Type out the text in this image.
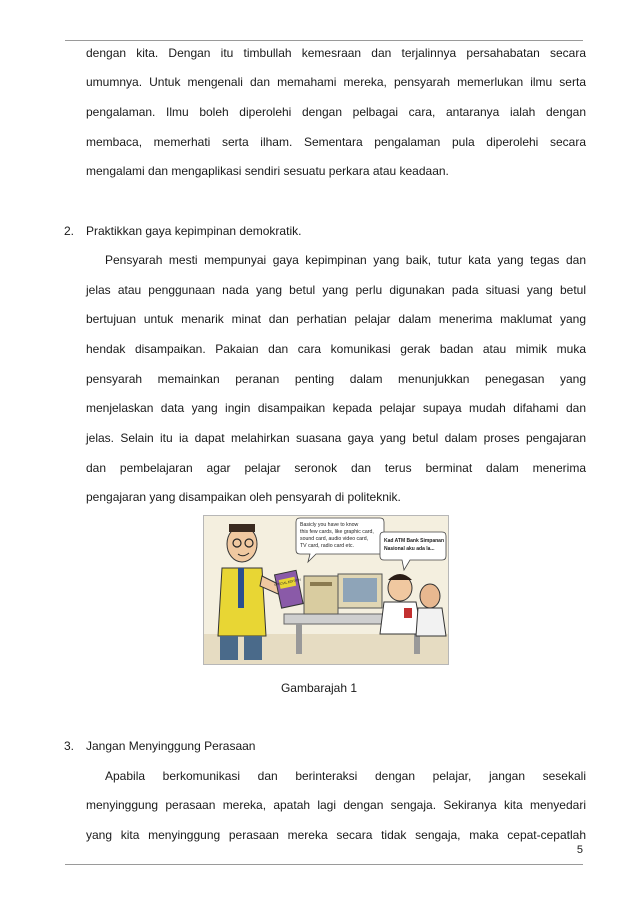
dengan kita. Dengan itu timbullah kemesraan dan terjalinnya persahabatan secara
umumnya. Untuk mengenali dan memahami mereka, pensyarah memerlukan ilmu serta
pengalaman. Ilmu boleh diperolehi dengan pelbagai cara, antaranya ialah dengan
membaca, memerhati serta ilham. Sementara pengalaman pula diperolehi secara
mengalami dan mengaplikasi sendiri sesuatu perkara atau keadaan.
2. Praktikkan gaya kepimpinan demokratik.
Pensyarah mesti mempunyai gaya kepimpinan yang baik, tutur kata yang tegas dan
jelas atau penggunaan nada yang betul yang perlu digunakan pada situasi yang betul
bertujuan untuk menarik minat dan perhatian pelajar dalam menerima maklumat yang
hendak disampaikan. Pakaian dan cara komunikasi gerak badan atau mimik muka
pensyarah memainkan peranan penting dalam menunjukkan penegasan yang
menjelaskan data yang ingin disampaikan kepada pelajar supaya mudah difahami dan
jelas. Selain itu ia dapat melahirkan suasana gaya yang betul dalam proses pengajaran
dan pembelajaran agar pelajar seronok dan terus berminat dalam menerima
pengajaran yang disampaikan oleh pensyarah di politeknik.
SPECIAL EDITION
Basicly you have to know this few cards, like graphic card, sound card, audio video card, TV card, radio card etc.
Kad ATM Bank Simpanan Nasional aku ada la...
Gambarajah 1
3. Jangan Menyinggung Perasaan
Apabila berkomunikasi dan berinteraksi dengan pelajar, jangan sesekali
menyinggung perasaan mereka, apatah lagi dengan sengaja. Sekiranya kita menyedari
yang kita menyinggung perasaan mereka secara tidak sengaja, maka cepat-cepatlah
5
